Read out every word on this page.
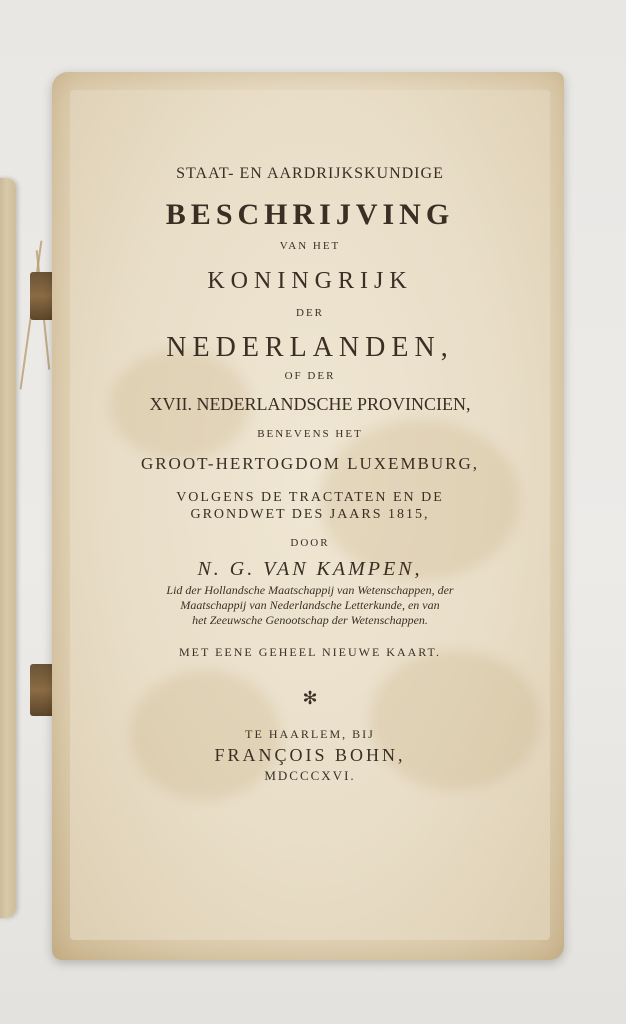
STAAT- EN AARDRIJKSKUNDIGE
BESCHRIJVING
VAN HET
KONINGRIJK
DER
NEDERLANDEN,
OF DER
XVII. NEDERLANDSCHE PROVINCIEN,
BENEVENS HET
GROOT-HERTOGDOM LUXEMBURG,
VOLGENS DE TRACTATEN EN DE
GRONDWET DES JAARS 1815,
DOOR
N. G. VAN KAMPEN,
Lid der Hollandsche Maatschappij van Wetenschappen, der
Maatschappij van Nederlandsche Letterkunde, en van
het Zeeuwsche Genootschap der Wetenschappen.
MET EENE GEHEEL NIEUWE KAART.
✻
TE HAARLEM, BIJ
FRANÇOIS BOHN,
MDCCCXVI.
